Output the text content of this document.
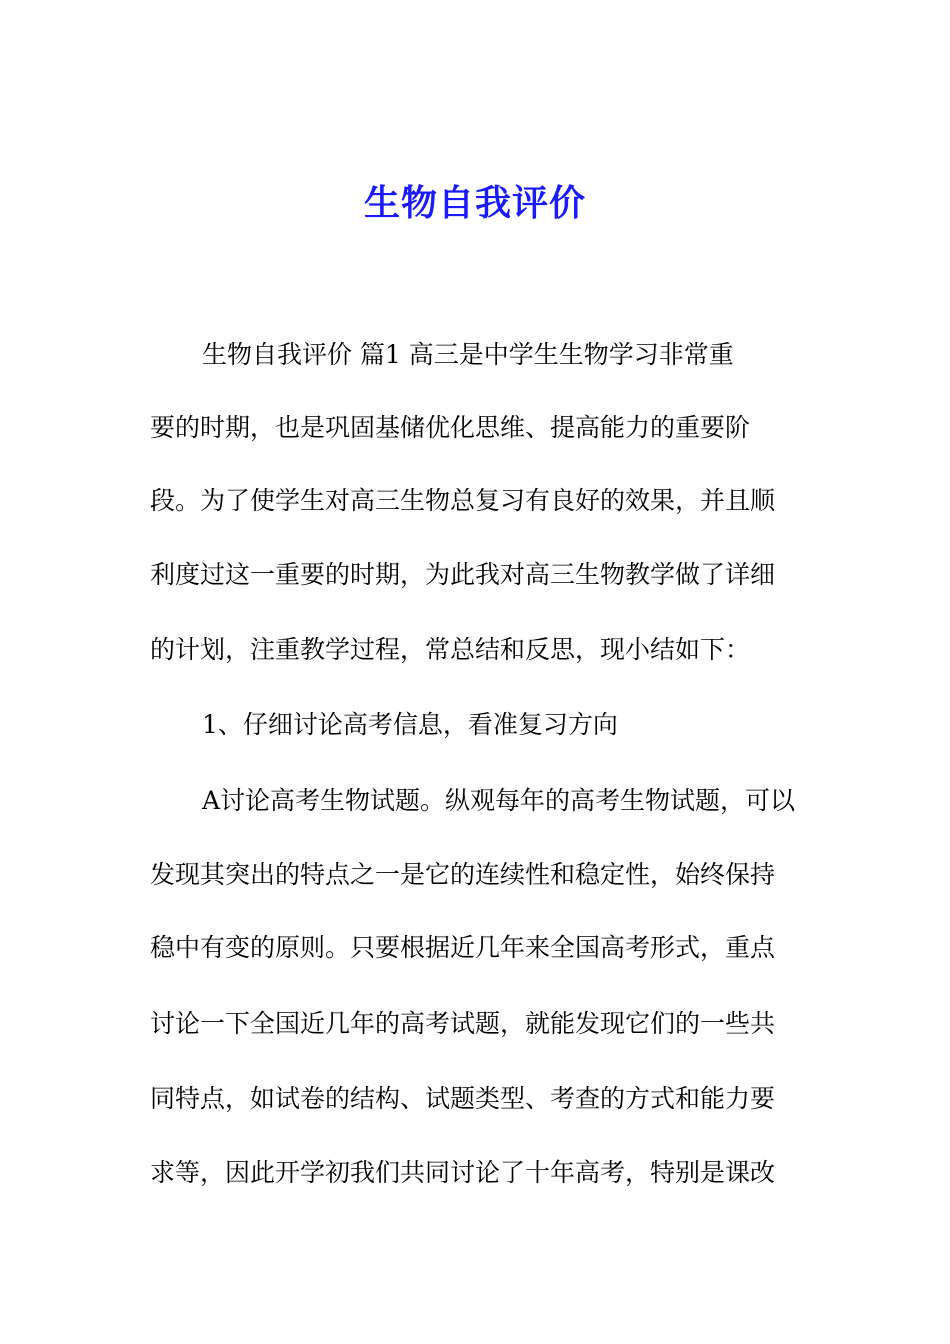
生物自我评价
生物自我评价 篇1 高三是中学生生物学习非常重
要的时期，也是巩固基储优化思维、提高能力的重要阶
段。为了使学生对高三生物总复习有良好的效果，并且顺
利度过这一重要的时期，为此我对高三生物教学做了详细
的计划，注重教学过程，常总结和反思，现小结如下：
1、仔细讨论高考信息，看准复习方向
A讨论高考生物试题。纵观每年的高考生物试题，可以
发现其突出的特点之一是它的连续性和稳定性，始终保持
稳中有变的原则。只要根据近几年来全国高考形式，重点
讨论一下全国近几年的高考试题，就能发现它们的一些共
同特点，如试卷的结构、试题类型、考查的方式和能力要
求等，因此开学初我们共同讨论了十年高考，特别是课改
